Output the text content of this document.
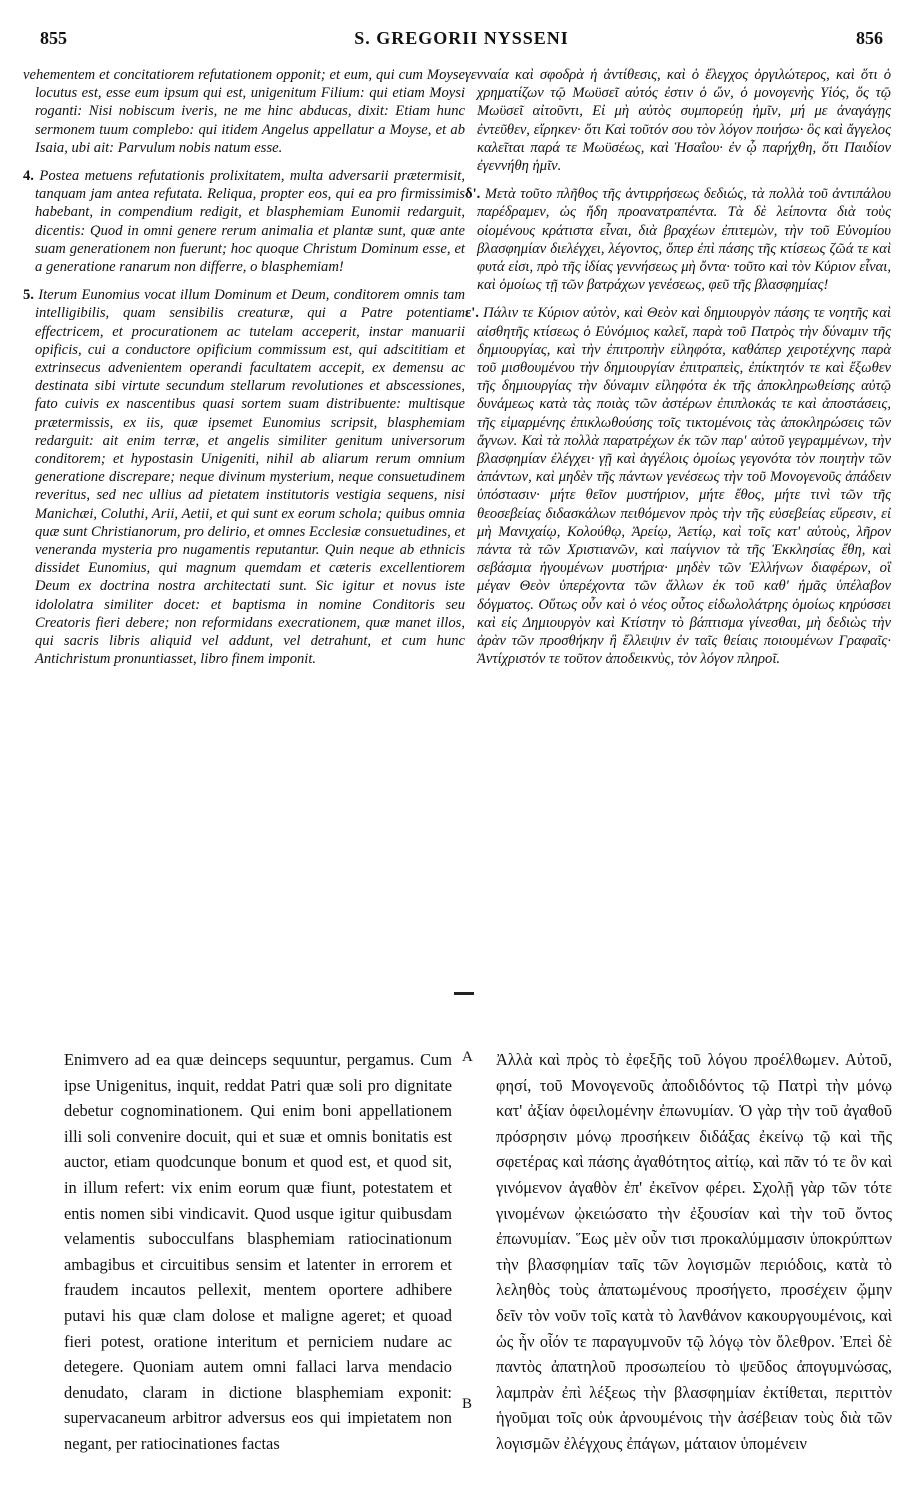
855	S. GREGORII NYSSENI	856

vehementem et concitatiorem refutationem opponit; et eum, qui cum Moyse locutus est, esse eum ipsum qui est, unigenitum Filium: qui etiam Moysi roganti: Nisi nobiscum iveris, ne me hinc abducas, dixit: Etiam hunc sermonem tuum complebo: qui itidem Angelus appellatur a Moyse, et ab Isaia, ubi ait: Parvulum nobis natum esse.

4. Postea metuens refutationis prolixitatem, multa adversarii prætermisit, tanquam jam antea refutata. Reliqua, propter eos, qui ea pro firmissimis habebant, in compendium redigit, et blasphemiam Eunomii redarguit, dicentis: Quod in omni genere rerum animalia et plantæ sunt, quæ ante suam generationem non fuerunt; hoc quoque Christum Dominum esse, et a generatione ranarum non differre, o blasphemiam!

5. Iterum Eunomius vocat illum Dominum et Deum, conditorem omnis tam intelligibilis, quam sensibilis creaturæ, qui a Patre potentiam effectricem, et procurationem ac tutelam acceperit, instar manuarii opificis, cui a conductore opificium commissum est, qui adscititiam et extrinsecus advenientem operandi facultatem accepit, ex demensu ac destinata sibi virtute secundum stellarum revolutiones et abscessiones, fato cuivis ex nascentibus quasi sortem suam distribuente: multisque prætermissis, ex iis, quæ ipsemet Eunomius scripsit, blasphemiam redarguit: ait enim terræ, et angelis similiter genitum universorum conditorem; et hypostasin Unigeniti, nihil ab aliarum rerum omnium generatione discrepare; neque divinum mysterium, neque consuetudinem reveritus, sed nec ullius ad pietatem institutoris vestigia sequens, nisi Manichæi, Coluthi, Arii, Aetii, et qui sunt ex eorum schola; quibus omnia quæ sunt Christianorum, pro delirio, et omnes Ecclesiæ consuetudines, et veneranda mysteria pro nugamentis reputantur. Quin neque ab ethnicis dissidet Eunomius, qui magnum quemdam et cæteris excellentiorem Deum ex doctrina nostra architectati sunt. Sic igitur et novus iste idololatra similiter docet: et baptisma in nomine Conditoris seu Creatoris fieri debere; non reformidans execrationem, quæ manet illos, qui sacris libris aliquid vel addunt, vel detrahunt, et cum hunc Antichristum pronuntiasset, libro finem imponit.

γενναία καὶ σφοδρὰ ἡ ἀντίθεσις, καὶ ὁ ἔλεγχος ὀργιλώτερος, καὶ ὅτι ὁ χρηματίζων τῷ Μωϋσεῖ αὐτός ἐστιν ὁ ὤν, ὁ μονογενὴς Υἱός, ὅς τῷ Μωϋσεῖ αἰτοῦντι, Εἰ μὴ αὐτὸς συμπορεύῃ ἡμῖν, μή με ἀναγάγῃς ἐντεῦθεν, εἴρηκεν· ὅτι Καὶ τοῦτόν σου τὸν λόγον ποιήσω· ὃς καὶ ἄγγελος καλεῖται παρά τε Μωϋσέως, καὶ Ἡσαΐου· ἐν ᾧ παρήχθη, ὅτι Παιδίον ἐγεννήθη ἡμῖν.

δ'. Μετὰ τοῦτο πλῆθος τῆς ἀντιρρήσεως δεδιώς, τὰ πολλὰ τοῦ ἀντιπάλου παρέδραμεν, ὡς ἤδη προανατραπέντα. Τὰ δὲ λείποντα διὰ τοὺς οἰομένους κράτιστα εἶναι, διὰ βραχέων ἐπιτεμὼν, τὴν τοῦ Εὐνομίου βλασφημίαν διελέγχει, λέγοντος, ὅπερ ἐπὶ πάσης τῆς κτίσεως ζῶά τε καὶ φυτά εἰσι, πρὸ τῆς ἰδίας γεννήσεως μὴ ὄντα· τοῦτο καὶ τὸν Κύριον εἶναι, καὶ ὁμοίως τῇ τῶν βατράχων γενέσεως, φεῦ τῆς βλασφημίας!

ε'. Πάλιν τε Κύριον αὐτὸν, καὶ Θεὸν καὶ δημιουργὸν πάσης τε νοητῆς καὶ αἰσθητῆς κτίσεως ὁ Εὐνόμιος καλεῖ, παρὰ τοῦ Πατρὸς τὴν δύναμιν τῆς δημιουργίας, καὶ τὴν ἐπιτροπὴν εἰληφότα, καθάπερ χειροτέχνης παρὰ τοῦ μισθουμένου τὴν δημιουργίαν ἐπιτραπεὶς, ἐπίκτητόν τε καὶ ἔξωθεν τῆς δημιουργίας τὴν δύναμιν εἰληφότα ἐκ τῆς ἀποκληρωθείσης αὐτῷ δυνάμεως κατὰ τὰς ποιὰς τῶν ἀστέρων ἐπιπλοκάς τε καὶ ἀποστάσεις, τῆς εἱμαρμένης ἐπικλωθούσης τοῖς τικτομένοις τὰς ἀποκληρώσεις τῶν ἄγνων. Καὶ τὰ πολλὰ παρατρέχων ἐκ τῶν παρ' αὐτοῦ γεγραμμένων, τὴν βλασφημίαν ἐλέγχει· γῇ καὶ ἀγγέλοις ὁμοίως γεγονότα τὸν ποιητὴν τῶν ἁπάντων, καὶ μηδὲν τῆς πάντων γενέσεως τὴν τοῦ Μονογενοῦς ἀπάδειν ὑπόστασιν· μήτε θεῖον μυστήριον, μήτε ἔθος, μήτε τινὶ τῶν τῆς θεοσεβείας διδασκάλων πειθόμενον πρὸς τὴν τῆς εὐσεβείας εὕρεσιν, εἰ μὴ Μανιχαίῳ, Κολούθῳ, Ἀρείῳ, Ἀετίῳ, καὶ τοῖς κατ' αὐτοὺς, λῆρον πάντα τὰ τῶν Χριστιανῶν, καὶ παίγνιον τὰ τῆς Ἐκκλησίας ἔθη, καὶ σεβάσμια ἡγουμένων μυστήρια· μηδὲν τῶν Ἑλλήνων διαφέρων, οἳ μέγαν Θεὸν ὑπερέχοντα τῶν ἄλλων ἐκ τοῦ καθ' ἡμᾶς ὑπέλαβον δόγματος. Οὕτως οὖν καὶ ὁ νέος οὗτος εἰδωλολάτρης ὁμοίως κηρύσσει καὶ εἰς Δημιουργὸν καὶ Κτίστην τὸ βάπτισμα γίνεσθαι, μὴ δεδιὼς τὴν ἀρὰν τῶν προσθήκην ἢ ἔλλειψιν ἐν ταῖς θείαις ποιουμένων Γραφαῖς· Ἀντίχριστόν τε τοῦτον ἀποδεικνὺς, τὸν λόγον πληροῖ.

Enimvero ad ea quæ deinceps sequuntur, pergamus. Cum ipse Unigenitus, inquit, reddat Patri quæ soli pro dignitate debetur cognominationem. Qui enim boni appellationem illi soli convenire docuit, qui et suæ et omnis bonitatis est auctor, etiam quodcunque bonum et quod est, et quod sit, in illum refert: vix enim eorum quæ fiunt, potestatem et entis nomen sibi vindicavit. Quod usque igitur quibusdam velamentis subocculfans blasphemiam ratiocinationum ambagibus et circuitibus sensim et latenter in errorem et fraudem incautos pellexit, mentem oportere adhibere putavi his quæ clam dolose et maligne ageret; et quoad fieri potest, oratione interitum et perniciem nudare ac detegere. Quoniam autem omni fallaci larva mendacio denudato, claram in dictione blasphemiam exponit: supervacaneum arbitror adversus eos qui impietatem non negant, per ratiocinationes factas

A
B

Ἀλλὰ καὶ πρὸς τὸ ἐφεξῆς τοῦ λόγου προέλθωμεν. Αὐτοῦ, φησί, τοῦ Μονογενοῦς ἀποδιδόντος τῷ Πατρὶ τὴν μόνῳ κατ' ἀξίαν ὀφειλομένην ἐπωνυμίαν. Ὁ γὰρ τὴν τοῦ ἀγαθοῦ πρόσρησιν μόνῳ προσήκειν διδάξας ἐκείνῳ τῷ καὶ τῆς σφετέρας καὶ πάσης ἀγαθότητος αἰτίῳ, καὶ πᾶν τό τε ὂν καὶ γινόμενον ἀγαθὸν ἐπ' ἐκεῖνον φέρει. Σχολῇ γὰρ τῶν τότε γινομένων ᾠκειώσατο τὴν ἐξουσίαν καὶ τὴν τοῦ ὄντος ἐπωνυμίαν. Ἕως μὲν οὖν τισι προκαλύμμασιν ὑποκρύπτων τὴν βλασφημίαν ταῖς τῶν λογισμῶν περιόδοις, κατὰ τὸ λεληθὸς τοὺς ἀπατωμένους προσήγετο, προσέχειν ᾤμην δεῖν τὸν νοῦν τοῖς κατὰ τὸ λανθάνον κακουργουμένοις, καὶ ὡς ἦν οἷόν τε παραγυμνοῦν τῷ λόγῳ τὸν ὄλεθρον. Ἐπεὶ δὲ παντὸς ἀπατηλοῦ προσωπείου τὸ ψεῦδος ἀπογυμνώσας, λαμπρὰν ἐπὶ λέξεως τὴν βλασφημίαν ἐκτίθεται, περιττὸν ἡγοῦμαι τοῖς οὐκ ἀρνουμένοις τὴν ἀσέβειαν τοὺς διὰ τῶν λογισμῶν ἐλέγχους ἐπάγων, μάταιον ὑπομένειν
